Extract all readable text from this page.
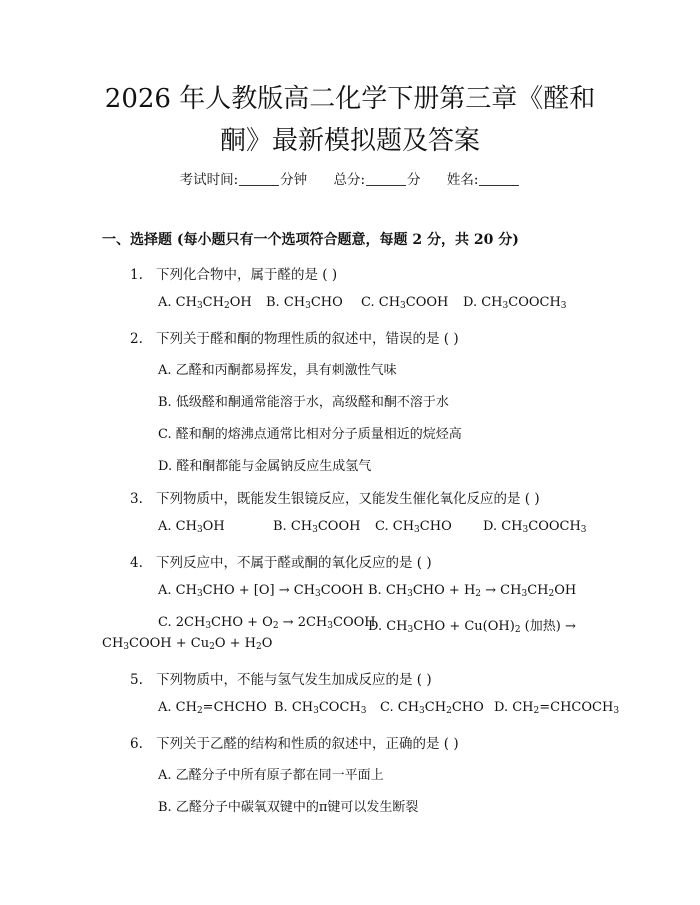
2026 年人教版高二化学下册第三章《醛和
酮》最新模拟题及答案
考试时间:	分钟 总分:	分 姓名:
一、选择题 (每小题只有一个选项符合题意，每题 2 分，共 20 分)
1. 下列化合物中，属于醛的是 ( )
A. $CH_3CH_2OH$ B. $CH_3CHO$ C. $CH_3COOH$ D. $CH_3COOCH_3$
2. 下列关于醛和酮的物理性质的叙述中，错误的是 ( )
A. 乙醛和丙酮都易挥发，具有刺激性气味
B. 低级醛和酮通常能溶于水，高级醛和酮不溶于水
C. 醛和酮的熔沸点通常比相对分子质量相近的烷烃高
D. 醛和酮都能与金属钠反应生成氢气
3. 下列物质中，既能发生银镜反应，又能发生催化氧化反应的是 ( )
A. $CH_3OH$	B. $CH_3COOH$ C. $CH_3CHO$ D. $CH_3COOCH_3$
4. 下列反应中，不属于醛或酮的氧化反应的是 ( )
A. $CH_3CHO + [O]$ → $CH_3COOH$ B. $CH_3CHO + H_2 \to CH_3CH_2OH$
C. $2CH_3CHO + O_2$ → $2CH_3COOH$
D. $CH_3CHO + Cu(OH)_2$ (加热) →
$CH_3COOH + Cu_2O + H_2O$
5. 下列物质中，不能与氢气发生加成反应的是 ( )
A. $CH_2=CHCHO$ B. $CH_3COCH_3$ C. $CH_3CH_2CHO$ D. $CH_2=CHCOCH_3$
6. 下列关于乙醛的结构和性质的叙述中，正确的是 ( )
A. 乙醛分子中所有原子都在同一平面上
B. 乙醛分子中碳氧双键中的π键可以发生断裂
